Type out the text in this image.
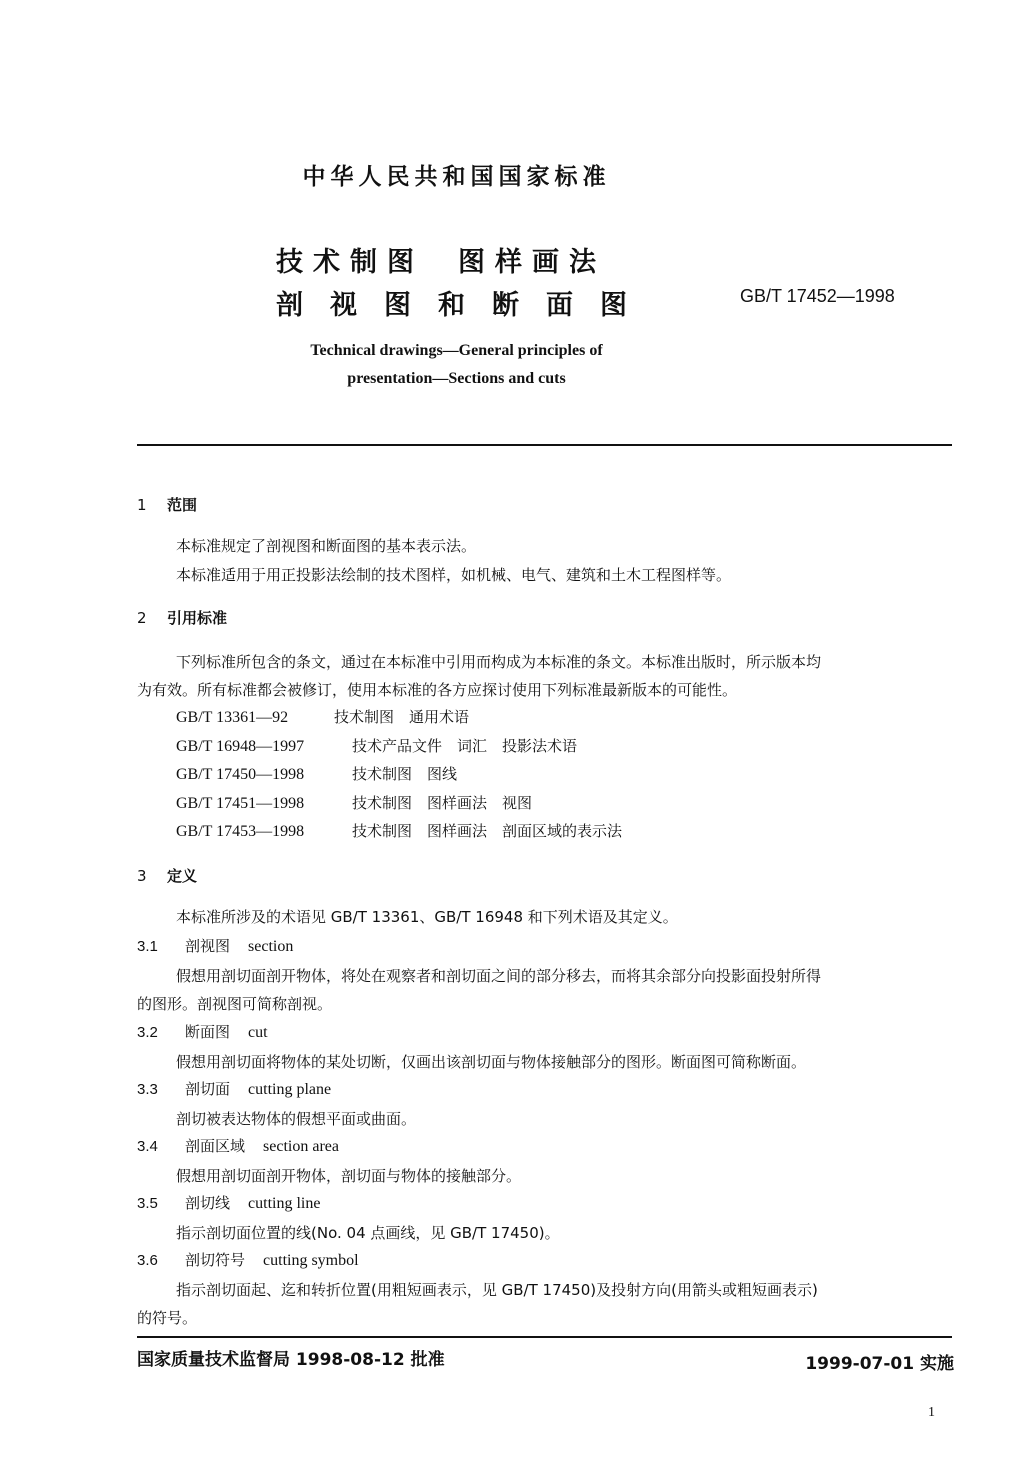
中华人民共和国国家标准
技术制图 图样画法
剖视图和断面图	GB/T 17452—1998
Technical drawings—General principles of
presentation—Sections and cuts
1 范围
本标准规定了剖视图和断面图的基本表示法。
本标准适用于用正投影法绘制的技术图样，如机械、电气、建筑和土木工程图样等。
2 引用标准
下列标准所包含的条文，通过在本标准中引用而构成为本标准的条文。本标准出版时，所示版本均
为有效。所有标准都会被修订，使用本标准的各方应探讨使用下列标准最新版本的可能性。
GB/T 13361—92	技术制图　通用术语
GB/T 16948—1997	技术产品文件　词汇　投影法术语
GB/T 17450—1998	技术制图　图线
GB/T 17451—1998	技术制图　图样画法　视图
GB/T 17453—1998	技术制图　图样画法　剖面区域的表示法
3 定义
本标准所涉及的术语见 GB/T 13361、GB/T 16948 和下列术语及其定义。
3.1 剖视图 section
假想用剖切面剖开物体，将处在观察者和剖切面之间的部分移去，而将其余部分向投影面投射所得
的图形。剖视图可简称剖视。
3.2 断面图 cut
假想用剖切面将物体的某处切断，仅画出该剖切面与物体接触部分的图形。断面图可简称断面。
3.3 剖切面 cutting plane
剖切被表达物体的假想平面或曲面。
3.4 剖面区域 section area
假想用剖切面剖开物体，剖切面与物体的接触部分。
3.5 剖切线 cutting line
指示剖切面位置的线(No. 04 点画线，见 GB/T 17450)。
3.6 剖切符号 cutting symbol
指示剖切面起、迄和转折位置(用粗短画表示，见 GB/T 17450)及投射方向(用箭头或粗短画表示)
的符号。
国家质量技术监督局 1998-08-12 批准	1999-07-01 实施
1
